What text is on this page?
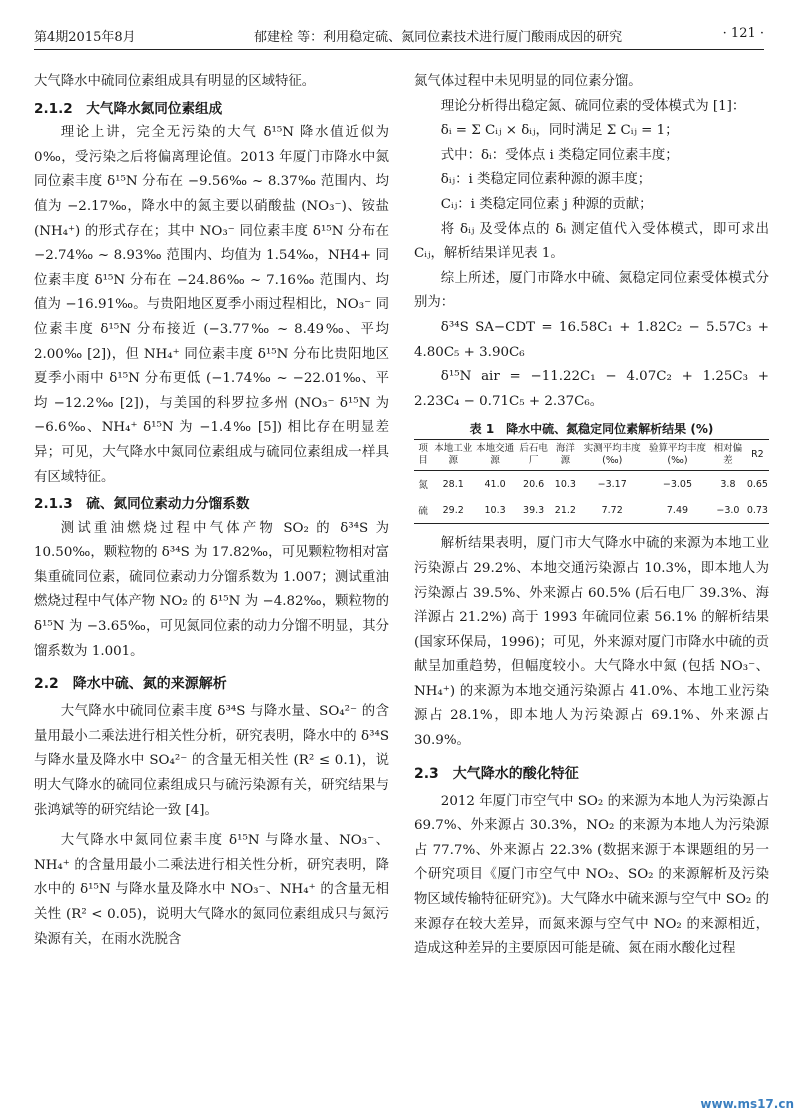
第4期2015年8月	郁建栓 等：利用稳定硫、氮同位素技术进行厦门酸雨成因的研究	· 121 ·

大气降水中硫同位素组成具有明显的区域特征。

2.1.2　大气降水氮同位素组成

理论上讲，完全无污染的大气 δ¹⁵N 降水值近似为 0‰，受污染之后将偏离理论值。2013 年厦门市降水中氮同位素丰度 δ¹⁵N 分布在 −9.56‰ ~ 8.37‰ 范围内、均值为 −2.17‰，降水中的氮主要以硝酸盐 (NO₃⁻)、铵盐 (NH₄⁺) 的形式存在；其中 NO₃⁻ 同位素丰度 δ¹⁵N 分布在 −2.74‰ ~ 8.93‰ 范围内、均值为 1.54‰，NH4+ 同位素丰度 δ¹⁵N 分布在 −24.86‰ ~ 7.16‰ 范围内、均值为 −16.91‰。与贵阳地区夏季小雨过程相比，NO₃⁻ 同位素丰度 δ¹⁵N 分布接近 (−3.77‰ ~ 8.49‰、平均 2.00‰ [2])，但 NH₄⁺ 同位素丰度 δ¹⁵N 分布比贵阳地区夏季小雨中 δ¹⁵N 分布更低 (−1.74‰ ~ −22.01‰、平均 −12.2‰ [2])，与美国的科罗拉多州 (NO₃⁻ δ¹⁵N 为 −6.6‰、NH₄⁺ δ¹⁵N 为 −1.4‰ [5]) 相比存在明显差异；可见，大气降水中氮同位素组成与硫同位素组成一样具有区域特征。

2.1.3　硫、氮同位素动力分馏系数

测试重油燃烧过程中气体产物 SO₂ 的 δ³⁴S 为 10.50‰，颗粒物的 δ³⁴S 为 17.82‰，可见颗粒物相对富集重硫同位素，硫同位素动力分馏系数为 1.007；测试重油燃烧过程中气体产物 NO₂ 的 δ¹⁵N 为 −4.82‰，颗粒物的 δ¹⁵N 为 −3.65‰，可见氮同位素的动力分馏不明显，其分馏系数为 1.001。

2.2　降水中硫、氮的来源解析

大气降水中硫同位素丰度 δ³⁴S 与降水量、SO₄²⁻ 的含量用最小二乘法进行相关性分析，研究表明，降水中的 δ³⁴S 与降水量及降水中 SO₄²⁻ 的含量无相关性 (R² ≤ 0.1)，说明大气降水的硫同位素组成只与硫污染源有关，研究结果与张鸿斌等的研究结论一致 [4]。

大气降水中氮同位素丰度 δ¹⁵N 与降水量、NO₃⁻、NH₄⁺ 的含量用最小二乘法进行相关性分析，研究表明，降水中的 δ¹⁵N 与降水量及降水中 NO₃⁻、NH₄⁺ 的含量无相关性 (R² < 0.05)，说明大气降水的氮同位素组成只与氮污染源有关，在雨水洗脱含

氮气体过程中未见明显的同位素分馏。

理论分析得出稳定氮、硫同位素的受体模式为 [1]：

δᵢ = Σ Cᵢⱼ × δᵢⱼ，同时满足 Σ Cᵢⱼ = 1；

式中：δᵢ：受体点 i 类稳定同位素丰度；

δᵢⱼ：i 类稳定同位素种源的源丰度；

Cᵢⱼ：i 类稳定同位素 j 种源的贡献；

将 δᵢⱼ 及受体点的 δᵢ 测定值代入受体模式，即可求出 Cᵢⱼ，解析结果详见表 1。

综上所述，厦门市降水中硫、氮稳定同位素受体模式分别为：

δ³⁴S SA−CDT = 16.58C₁ + 1.82C₂ − 5.57C₃ + 4.80C₅ + 3.90C₆

δ¹⁵N air = −11.22C₁ − 4.07C₂ + 1.25C₃ + 2.23C₄ − 0.71C₅ + 2.37C₆。

表 1　降水中硫、氮稳定同位素解析结果 (%)
项目	本地工业源	本地交通源	后石电厂	海洋源	实测平均丰度(‰)	验算平均丰度(‰)	相对偏差	R2
氮	28.1	41.0	20.6	10.3	−3.17	−3.05	3.8	0.65
硫	29.2	10.3	39.3	21.2	7.72	7.49	−3.0	0.73

解析结果表明，厦门市大气降水中硫的来源为本地工业污染源占 29.2%、本地交通污染源占 10.3%，即本地人为污染源占 39.5%、外来源占 60.5% (后石电厂 39.3%、海洋源占 21.2%) 高于 1993 年硫同位素 56.1% 的解析结果 (国家环保局，1996)；可见，外来源对厦门市降水中硫的贡献呈加重趋势，但幅度较小。大气降水中氮 (包括 NO₃⁻、NH₄⁺) 的来源为本地交通污染源占 41.0%、本地工业污染源占 28.1%，即本地人为污染源占 69.1%、外来源占 30.9%。

2.3　大气降水的酸化特征

2012 年厦门市空气中 SO₂ 的来源为本地人为污染源占 69.7%、外来源占 30.3%，NO₂ 的来源为本地人为污染源占 77.7%、外来源占 22.3% (数据来源于本课题组的另一个研究项目《厦门市空气中 NO₂、SO₂ 的来源解析及污染物区域传输特征研究》)。大气降水中硫来源与空气中 SO₂ 的来源存在较大差异，而氮来源与空气中 NO₂ 的来源相近，造成这种差异的主要原因可能是硫、氮在雨水酸化过程

www.ms17.cn
